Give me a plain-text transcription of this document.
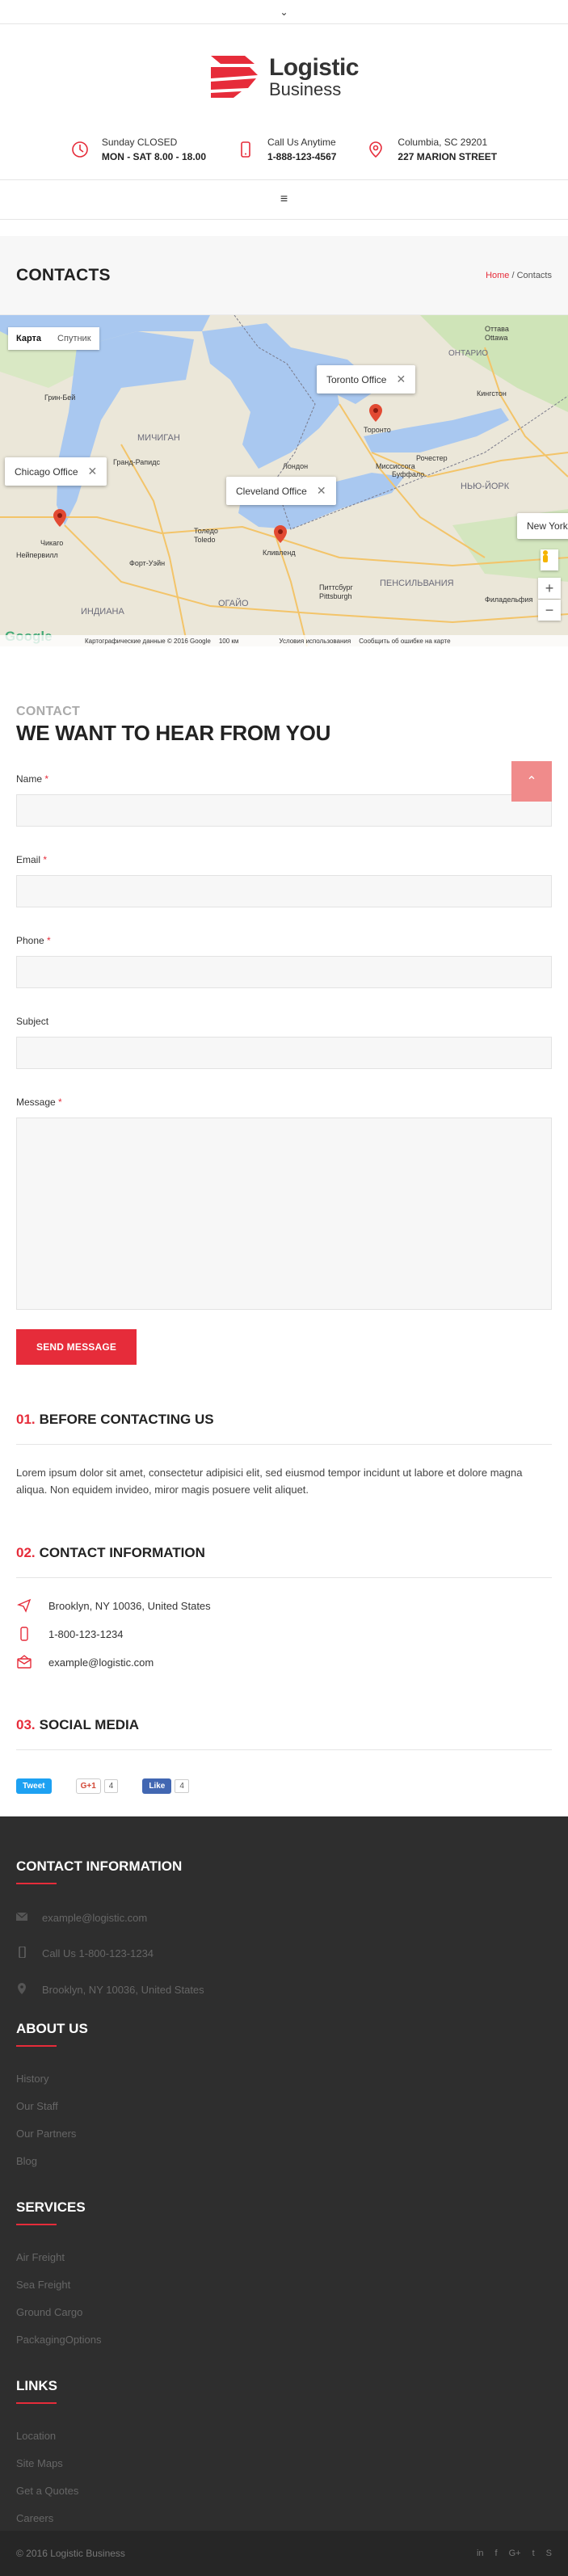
⌄
Logistic
Business
Sunday CLOSED
MON - SAT 8.00 - 18.00
Call Us Anytime
1-888-123-4567
Columbia, SC 29201
227 MARION STREET
≡
CONTACTS	Home / Contacts
МИЧИГАН
ИНДИАНА
ОГАЙО
ПЕНСИЛЬВАНИЯ
НЬЮ-ЙОРК
ОНТАРИО
Гранд-Рапидс
Толедо
Toledo
Форт-Уэйн
Питтсбург
Pittsburgh
Буффало
Рочестер
Кингстон
Оттава
Ottawa
Миссиссога
Лондон
Грин-Бей
Филадельфия
Нейпервилл
Чикаго
Торонто
Кливленд
Карта	Спутник
Toronto Office ✕
Chicago Office ✕
Cleveland Office ✕
New York
+
−
Картографические данные © 2016 Google 100 км	Условия использования Сообщить об ошибке на карте
CONTACT
WE WANT TO HEAR FROM YOU
⌃
Name *
Email *
Phone *
Subject
Message *
SEND MESSAGE
01. BEFORE CONTACTING US
Lorem ipsum dolor sit amet, consectetur adipisici elit, sed eiusmod tempor incidunt ut labore et dolore magna aliqua. Non equidem invideo, miror magis posuere velit aliquet.
02. CONTACT INFORMATION
Brooklyn, NY 10036, United States
1-800-123-1234
example@logistic.com
03. SOCIAL MEDIA
Tweet	G+1 4	Like 4
CONTACT INFORMATION
example@logistic.com
Call Us 1-800-123-1234
Brooklyn, NY 10036, United States
ABOUT US
History
Our Staff
Our Partners
Blog
SERVICES
Air Freight
Sea Freight
Ground Cargo
PackagingOptions
LINKS
Location
Site Maps
Get a Quotes
Careers
© 2016 Logistic Business	in f G+ t S
